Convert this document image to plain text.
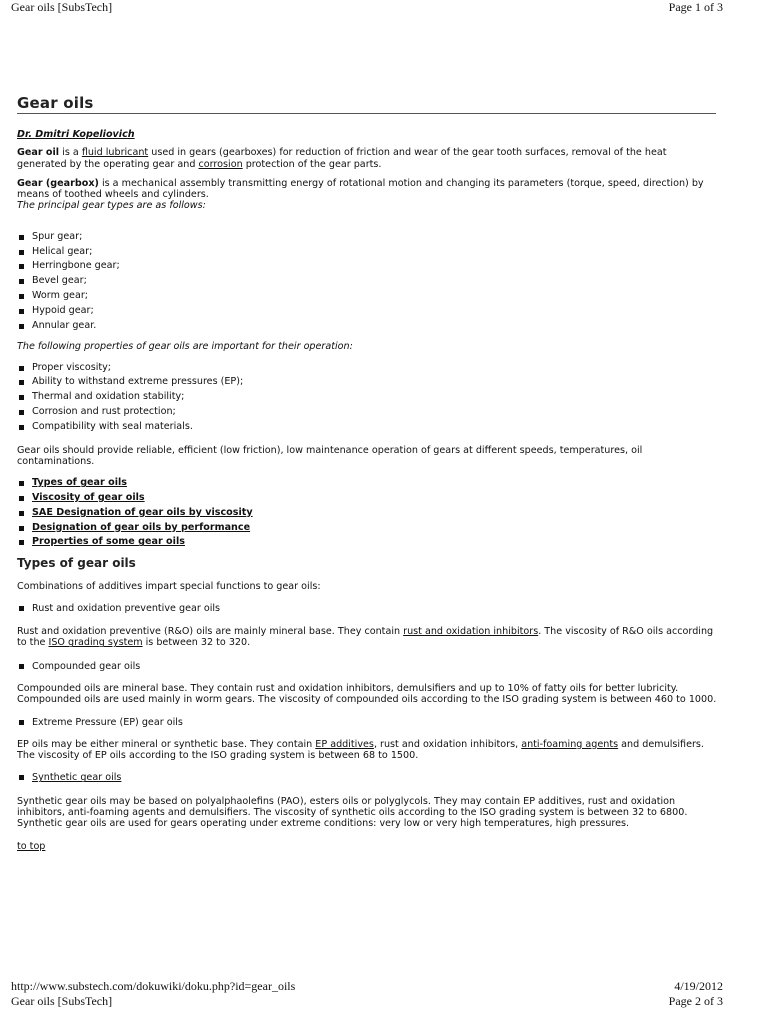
Gear oils [SubsTech]	Page 1 of 3
Gear oils

Dr. Dmitri Kopeliovich

Gear oil is a fluid lubricant used in gears (gearboxes) for reduction of friction and wear of the gear tooth surfaces, removal of the heat generated by the operating gear and corrosion protection of the gear parts.

Gear (gearbox) is a mechanical assembly transmitting energy of rotational motion and changing its parameters (torque, speed, direction) by means of toothed wheels and cylinders.

The principal gear types are as follows:

Spur gear;
Helical gear;
Herringbone gear;
Bevel gear;
Worm gear;
Hypoid gear;
Annular gear.

The following properties of gear oils are important for their operation:

Proper viscosity;
Ability to withstand extreme pressures (EP);
Thermal and oxidation stability;
Corrosion and rust protection;
Compatibility with seal materials.

Gear oils should provide reliable, efficient (low friction), low maintenance operation of gears at different speeds, temperatures, oil contaminations.

Types of gear oils
Viscosity of gear oils
SAE Designation of gear oils by viscosity
Designation of gear oils by performance
Properties of some gear oils
Types of gear oils

Combinations of additives impart special functions to gear oils:

Rust and oxidation preventive gear oils

Rust and oxidation preventive (R&O) oils are mainly mineral base. They contain rust and oxidation inhibitors. The viscosity of R&O oils according to the ISO grading system is between 32 to 320.

Compounded gear oils

Compounded oils are mineral base. They contain rust and oxidation inhibitors, demulsifiers and up to 10% of fatty oils for better lubricity. Compounded oils are used mainly in worm gears. The viscosity of compounded oils according to the ISO grading system is between 460 to 1000.

Extreme Pressure (EP) gear oils

EP oils may be either mineral or synthetic base. They contain EP additives, rust and oxidation inhibitors, anti-foaming agents and demulsifiers. The viscosity of EP oils according to the ISO grading system is between 68 to 1500.

Synthetic gear oils

Synthetic gear oils may be based on polyalphaolefins (PAO), esters oils or polyglycols. They may contain EP additives, rust and oxidation inhibitors, anti-foaming agents and demulsifiers. The viscosity of synthetic oils according to the ISO grading system is between 32 to 6800. Synthetic gear oils are used for gears operating under extreme conditions: very low or very high temperatures, high pressures.

to top

http://www.substech.com/dokuwiki/doku.php?id=gear_oils	4/19/2012
Gear oils [SubsTech]	Page 2 of 3
